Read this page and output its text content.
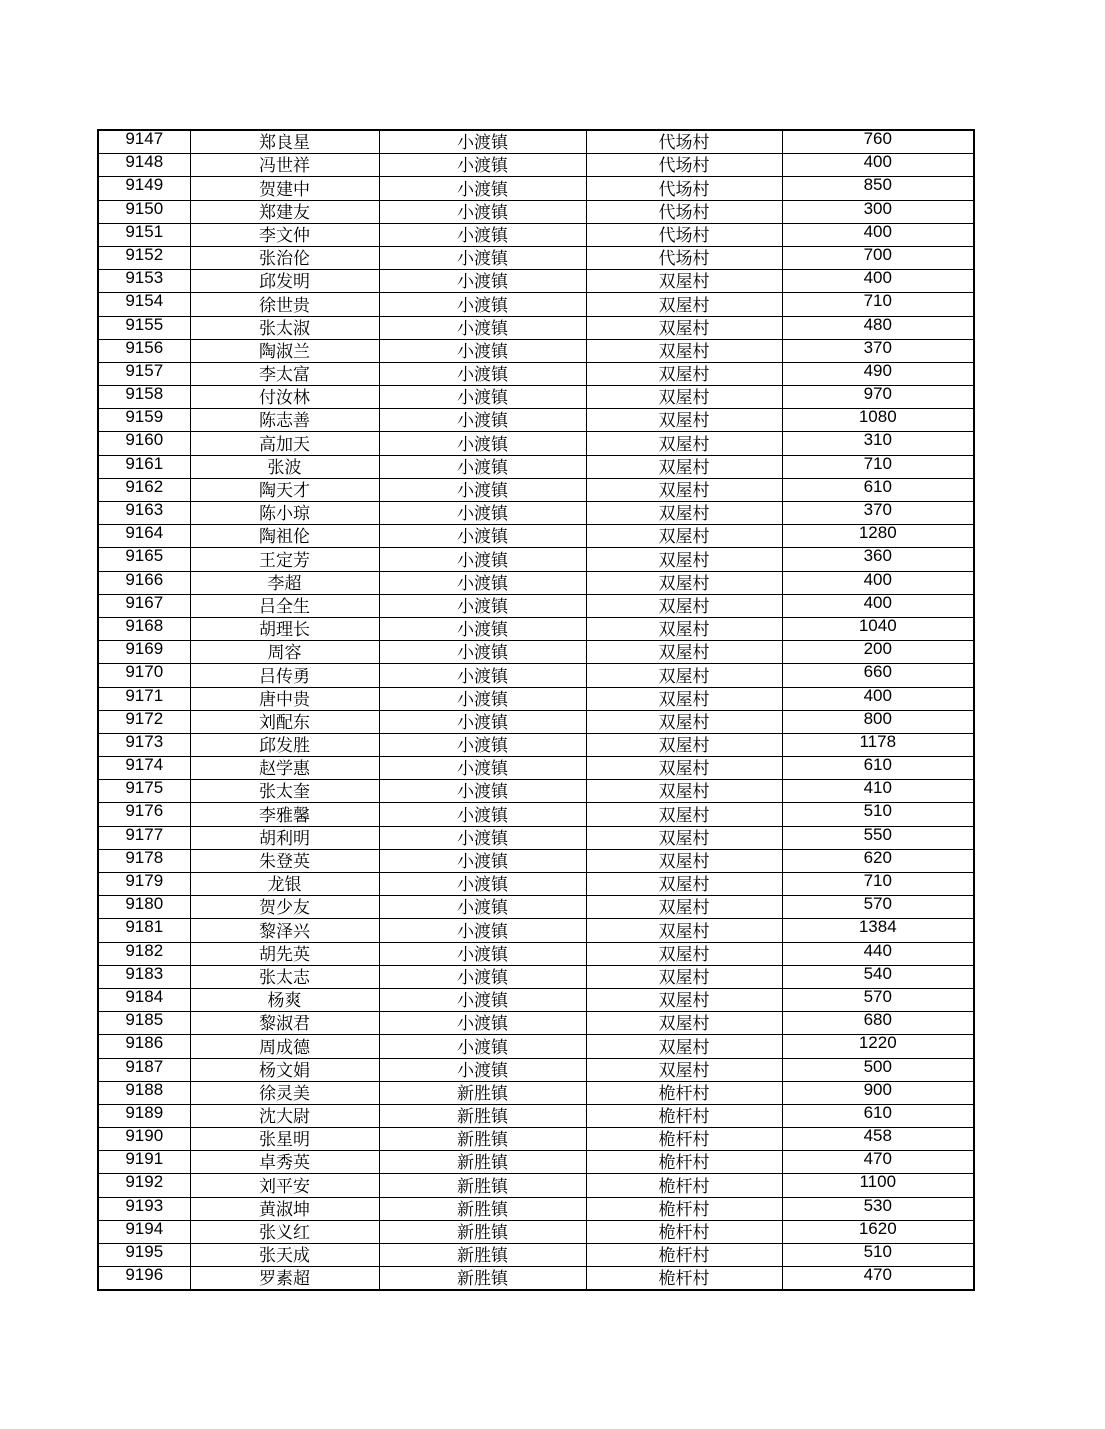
9147	郑良星	小渡镇	代场村	760
9148	冯世祥	小渡镇	代场村	400
9149	贺建中	小渡镇	代场村	850
9150	郑建友	小渡镇	代场村	300
9151	李文仲	小渡镇	代场村	400
9152	张治伦	小渡镇	代场村	700
9153	邱发明	小渡镇	双屋村	400
9154	徐世贵	小渡镇	双屋村	710
9155	张太淑	小渡镇	双屋村	480
9156	陶淑兰	小渡镇	双屋村	370
9157	李太富	小渡镇	双屋村	490
9158	付汝林	小渡镇	双屋村	970
9159	陈志善	小渡镇	双屋村	1080
9160	高加天	小渡镇	双屋村	310
9161	张波	小渡镇	双屋村	710
9162	陶天才	小渡镇	双屋村	610
9163	陈小琼	小渡镇	双屋村	370
9164	陶祖伦	小渡镇	双屋村	1280
9165	王定芳	小渡镇	双屋村	360
9166	李超	小渡镇	双屋村	400
9167	吕全生	小渡镇	双屋村	400
9168	胡理长	小渡镇	双屋村	1040
9169	周容	小渡镇	双屋村	200
9170	吕传勇	小渡镇	双屋村	660
9171	唐中贵	小渡镇	双屋村	400
9172	刘配东	小渡镇	双屋村	800
9173	邱发胜	小渡镇	双屋村	1178
9174	赵学惠	小渡镇	双屋村	610
9175	张太奎	小渡镇	双屋村	410
9176	李雅馨	小渡镇	双屋村	510
9177	胡利明	小渡镇	双屋村	550
9178	朱登英	小渡镇	双屋村	620
9179	龙银	小渡镇	双屋村	710
9180	贺少友	小渡镇	双屋村	570
9181	黎泽兴	小渡镇	双屋村	1384
9182	胡先英	小渡镇	双屋村	440
9183	张太志	小渡镇	双屋村	540
9184	杨爽	小渡镇	双屋村	570
9185	黎淑君	小渡镇	双屋村	680
9186	周成德	小渡镇	双屋村	1220
9187	杨文娟	小渡镇	双屋村	500
9188	徐灵美	新胜镇	桅杆村	900
9189	沈大尉	新胜镇	桅杆村	610
9190	张星明	新胜镇	桅杆村	458
9191	卓秀英	新胜镇	桅杆村	470
9192	刘平安	新胜镇	桅杆村	1100
9193	黄淑坤	新胜镇	桅杆村	530
9194	张义红	新胜镇	桅杆村	1620
9195	张天成	新胜镇	桅杆村	510
9196	罗素超	新胜镇	桅杆村	470
